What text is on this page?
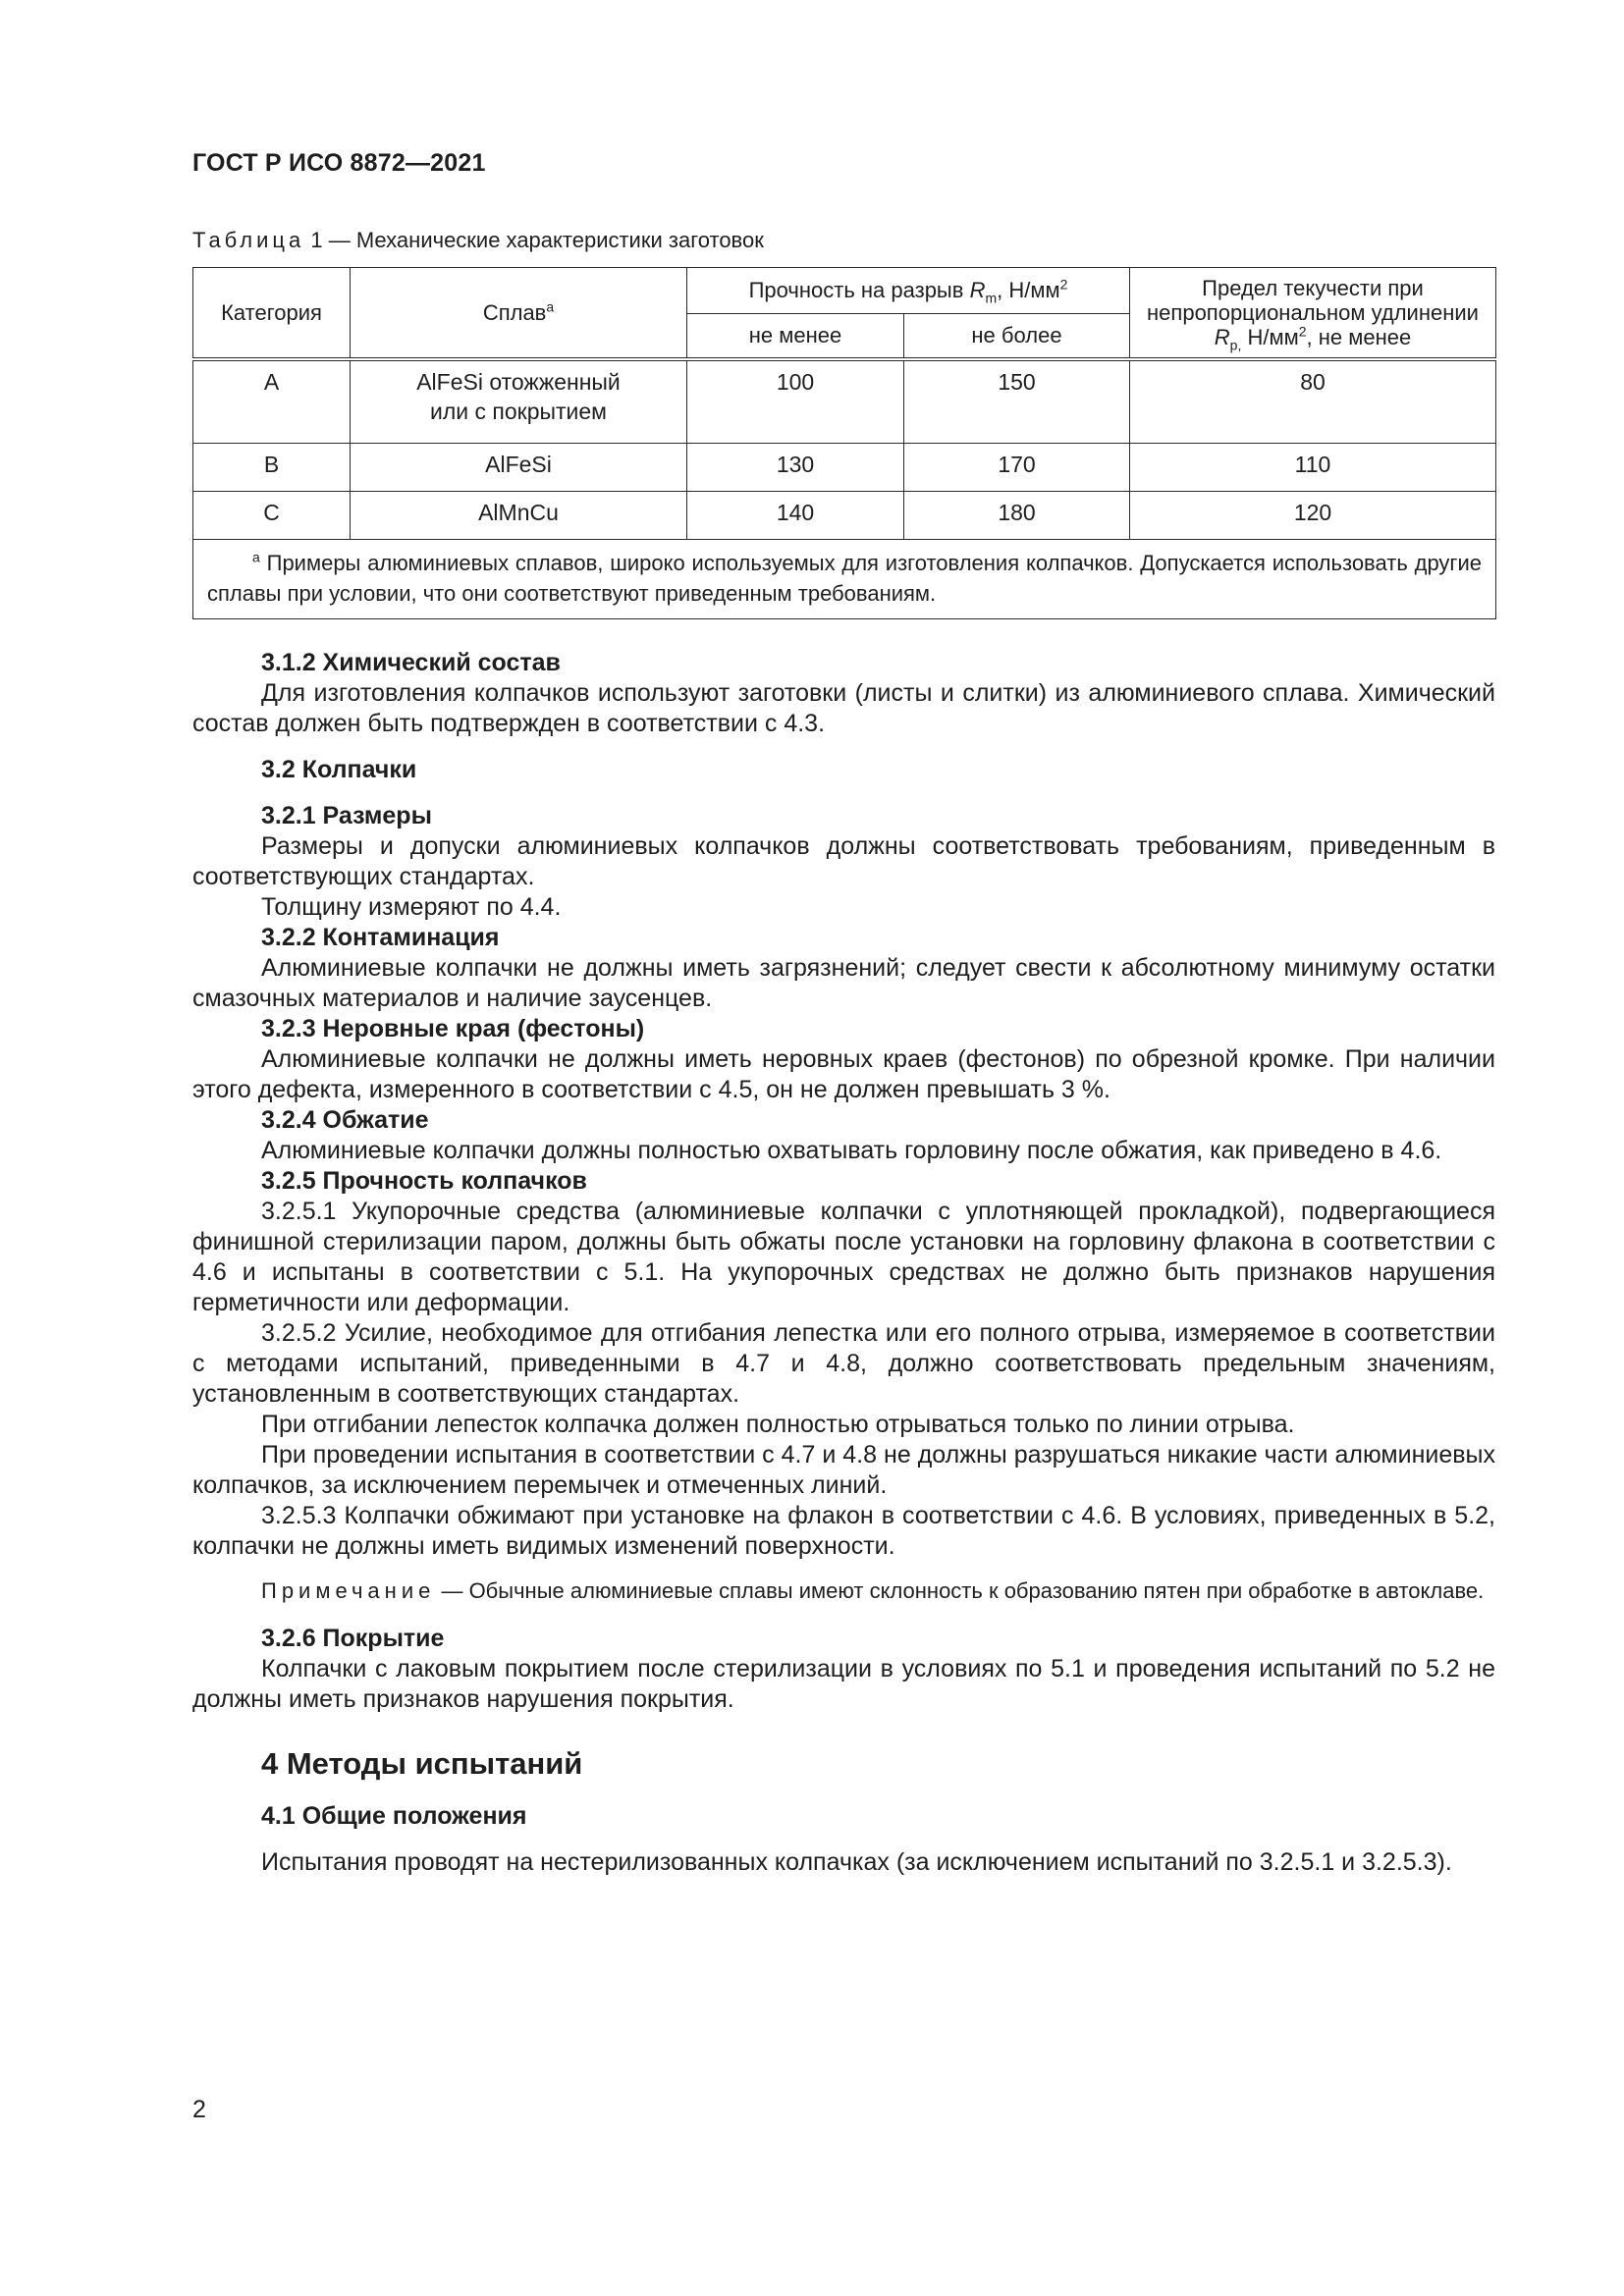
ГОСТ Р ИСО 8872—2021
Таблица 1 — Механические характеристики заготовок
Категория	Сплав$^a$	Прочность на разрыв $R_m$, $Н/мм^2$		Предел текучести при
непропорциональном удлинении
$R_{p,}$ $Н/мм^2$, не менее

		не менее	не более	
A	AlFeSi отожженный
или с покрытием	100	150	80
B	AlFeSi	130	170	110
C	AlMnCu	140	180	120
$^a$ Примеры алюминиевых сплавов, широко используемых для изготовления колпачков. Допускается использовать другие сплавы при условии, что они соответствуют приведенным требованиям.				

3.1.2 Химический состав

Для изготовления колпачков используют заготовки (листы и слитки) из алюминиевого сплава. Химический состав должен быть подтвержден в соответствии с 4.3.

3.2 Колпачки

3.2.1 Размеры

Размеры и допуски алюминиевых колпачков должны соответствовать требованиям, приведенным в соответствующих стандартах.

Толщину измеряют по 4.4.

3.2.2 Контаминация

Алюминиевые колпачки не должны иметь загрязнений; следует свести к абсолютному минимуму остатки смазочных материалов и наличие заусенцев.

3.2.3 Неровные края (фестоны)

Алюминиевые колпачки не должны иметь неровных краев (фестонов) по обрезной кромке. При наличии этого дефекта, измеренного в соответствии с 4.5, он не должен превышать 3 %.

3.2.4 Обжатие

Алюминиевые колпачки должны полностью охватывать горловину после обжатия, как приведено в 4.6.

3.2.5 Прочность колпачков

3.2.5.1 Укупорочные средства (алюминиевые колпачки с уплотняющей прокладкой), подвергающиеся финишной стерилизации паром, должны быть обжаты после установки на горловину флакона в соответствии с 4.6 и испытаны в соответствии с 5.1. На укупорочных средствах не должно быть признаков нарушения герметичности или деформации.

3.2.5.2 Усилие, необходимое для отгибания лепестка или его полного отрыва, измеряемое в соответствии с методами испытаний, приведенными в 4.7 и 4.8, должно соответствовать предельным значениям, установленным в соответствующих стандартах.

При отгибании лепесток колпачка должен полностью отрываться только по линии отрыва.

При проведении испытания в соответствии с 4.7 и 4.8 не должны разрушаться никакие части алюминиевых колпачков, за исключением перемычек и отмеченных линий.

3.2.5.3 Колпачки обжимают при установке на флакон в соответствии с 4.6. В условиях, приведенных в 5.2, колпачки не должны иметь видимых изменений поверхности.

Примечание — Обычные алюминиевые сплавы имеют склонность к образованию пятен при обработке в автоклаве.

3.2.6 Покрытие

Колпачки с лаковым покрытием после стерилизации в условиях по 5.1 и проведения испытаний по 5.2 не должны иметь признаков нарушения покрытия.

4 Методы испытаний

4.1 Общие положения

Испытания проводят на нестерилизованных колпачках (за исключением испытаний по 3.2.5.1 и 3.2.5.3).

2
